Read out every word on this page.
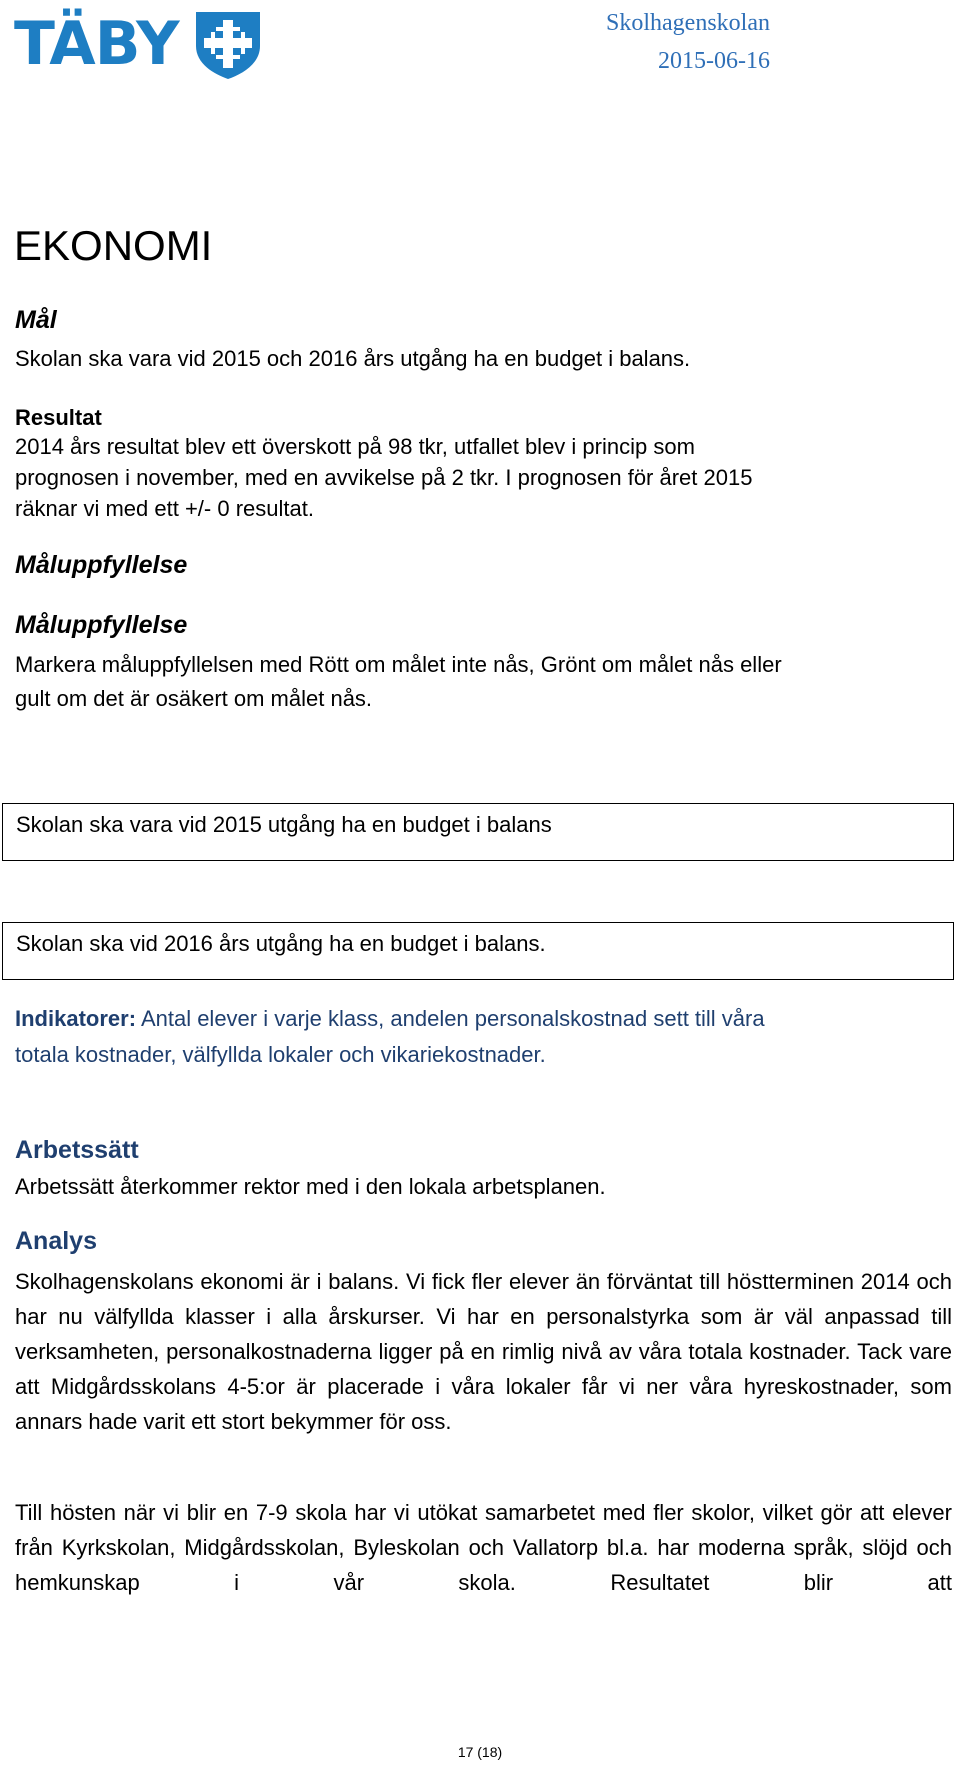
TÄBY	Skolhagenskolan
2015-06-16
EKONOMI
Mål
Skolan ska vara vid 2015 och 2016 års utgång ha en budget i balans.
Resultat
2014 års resultat blev ett överskott på 98 tkr, utfallet blev i princip som
prognosen i november, med en avvikelse på 2 tkr. I prognosen för året 2015
räknar vi med ett +/- 0 resultat.
Måluppfyllelse
Måluppfyllelse
Markera måluppfyllelsen med Rött om målet inte nås, Grönt om målet nås eller
gult om det är osäkert om målet nås.
Skolan ska vara vid 2015 utgång ha en budget i balans
Skolan ska vid 2016 års utgång ha en budget i balans.
Indikatorer: Antal elever i varje klass, andelen personalskostnad sett till våra
totala kostnader, välfyllda lokaler och vikariekostnader.
Arbetssätt
Arbetssätt återkommer rektor med i den lokala arbetsplanen.
Analys

Skolhagenskolans ekonomi är i balans. Vi fick fler elever än förväntat till höstterminen 2014 och har nu välfyllda klasser i alla årskurser. Vi har en personalstyrka som är väl anpassad till verksamheten, personalkostnaderna ligger på en rimlig nivå av våra totala kostnader. Tack vare att Midgårdsskolans 4-5:or är placerade i våra lokaler får vi ner våra hyreskostnader, som annars hade varit ett stort bekymmer för oss.

Till hösten när vi blir en 7-9 skola har vi utökat samarbetet med fler skolor, vilket gör att elever från Kyrkskolan, Midgårdsskolan, Byleskolan och Vallatorp bl.a. har moderna språk, slöjd och hemkunskap i vår skola. Resultatet blir att

17 (18)
